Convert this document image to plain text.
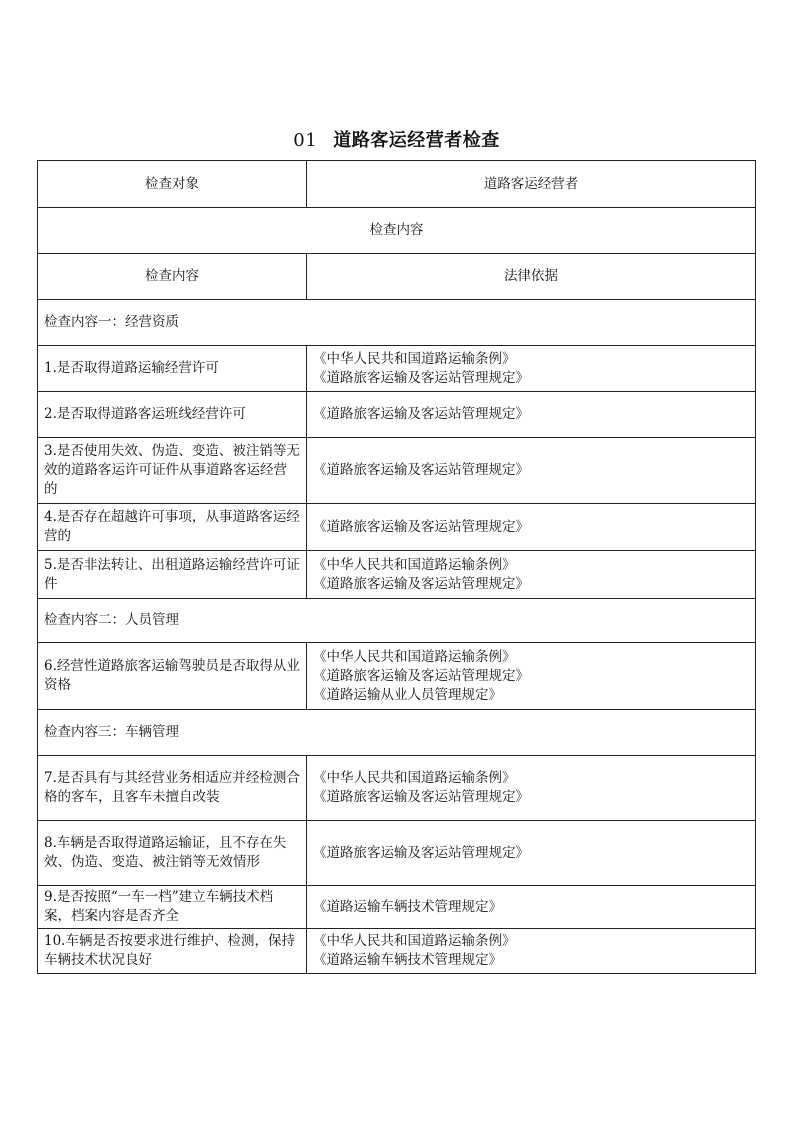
01 道路客运经营者检查
检查对象	道路客运经营者
检查内容	
检查内容	法律依据
检查内容一：经营资质	
1.是否取得道路运输经营许可	《中华人民共和国道路运输条例》
《道路旅客运输及客运站管理规定》

2.是否取得道路客运班线经营许可	《道路旅客运输及客运站管理规定》

3.是否使用失效、伪造、变造、被注销等无效的道路客运许可证件从事道路客运经营的	《道路旅客运输及客运站管理规定》

4.是否存在超越许可事项，从事道路客运经营的	《道路旅客运输及客运站管理规定》

5.是否非法转让、出租道路运输经营许可证件	《中华人民共和国道路运输条例》
《道路旅客运输及客运站管理规定》

检查内容二：人员管理	
6.经营性道路旅客运输驾驶员是否取得从业资格	《中华人民共和国道路运输条例》
《道路旅客运输及客运站管理规定》
《道路运输从业人员管理规定》

检查内容三：车辆管理	
7.是否具有与其经营业务相适应并经检测合格的客车，且客车未擅自改装	《中华人民共和国道路运输条例》
《道路旅客运输及客运站管理规定》

8.车辆是否取得道路运输证，且不存在失效、伪造、变造、被注销等无效情形	《道路旅客运输及客运站管理规定》

9.是否按照“一车一档”建立车辆技术档案，档案内容是否齐全	《道路运输车辆技术管理规定》

10.车辆是否按要求进行维护、检测，保持车辆技术状况良好	《中华人民共和国道路运输条例》
《道路运输车辆技术管理规定》
